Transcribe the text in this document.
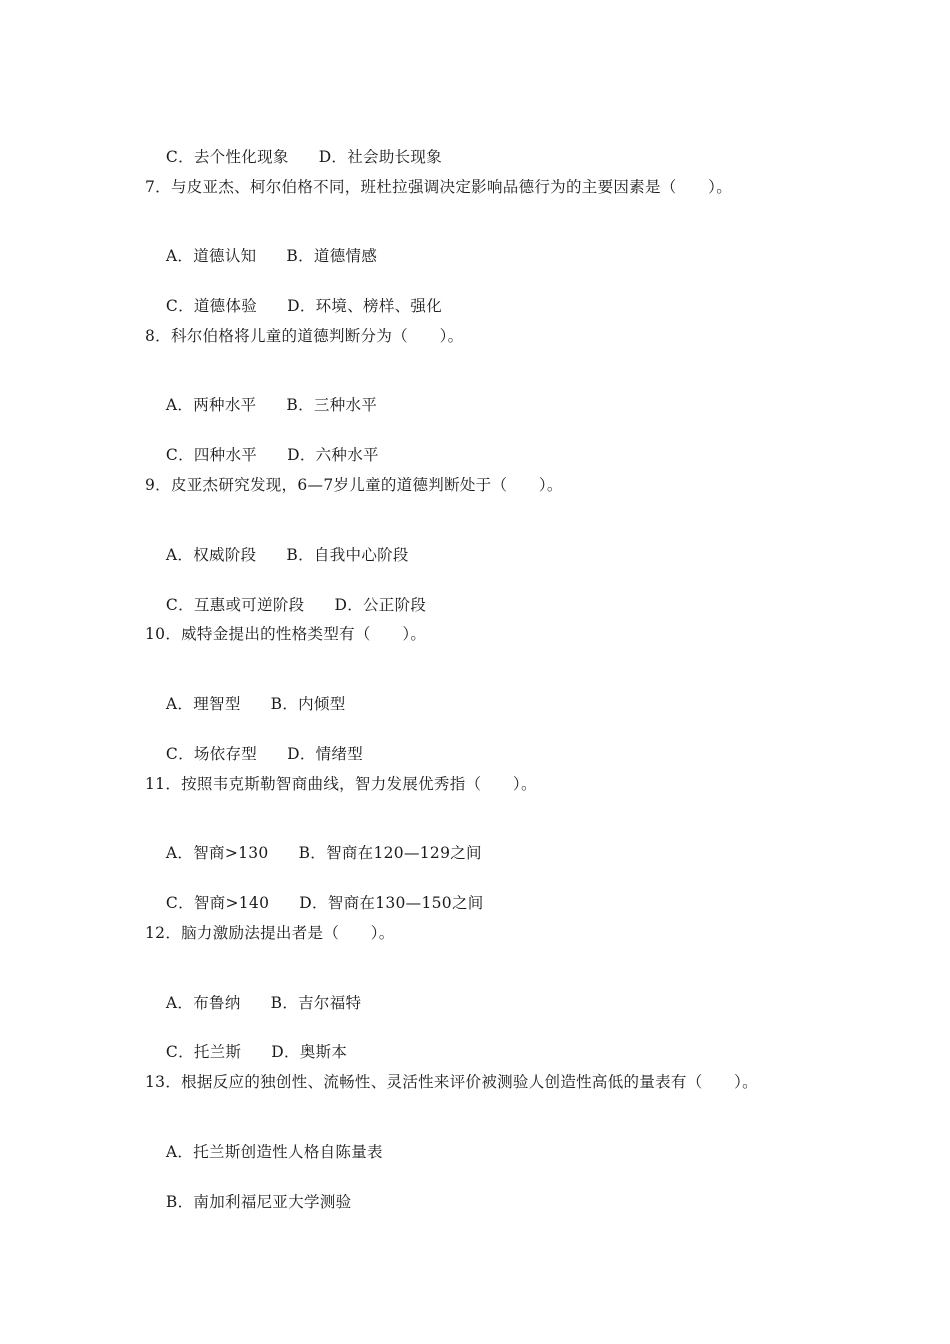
C．去个性化现象 D．社会助长现象

7．与皮亚杰、柯尔伯格不同，班杜拉强调决定影响品德行为的主要因素是（　　）。

A．道德认知 B．道德情感

C．道德体验 D．环境、榜样、强化

8．科尔伯格将儿童的道德判断分为（　　）。

A．两种水平 B．三种水平

C．四种水平 D．六种水平

9．皮亚杰研究发现，6—7岁儿童的道德判断处于（　　）。

A．权威阶段 B．自我中心阶段

C．互惠或可逆阶段 D．公正阶段

10．威特金提出的性格类型有（　　）。

A．理智型 B．内倾型

C．场依存型 D．情绪型

11．按照韦克斯勒智商曲线，智力发展优秀指（　　）。

A．智商>130 B．智商在120—129之间

C．智商>140 D．智商在130—150之间

12．脑力激励法提出者是（　　）。

A．布鲁纳 B．吉尔福特

C．托兰斯 D．奥斯本

13．根据反应的独创性、流畅性、灵活性来评价被测验人创造性高低的量表有（　　）。

A．托兰斯创造性人格自陈量表

B．南加利福尼亚大学测验
